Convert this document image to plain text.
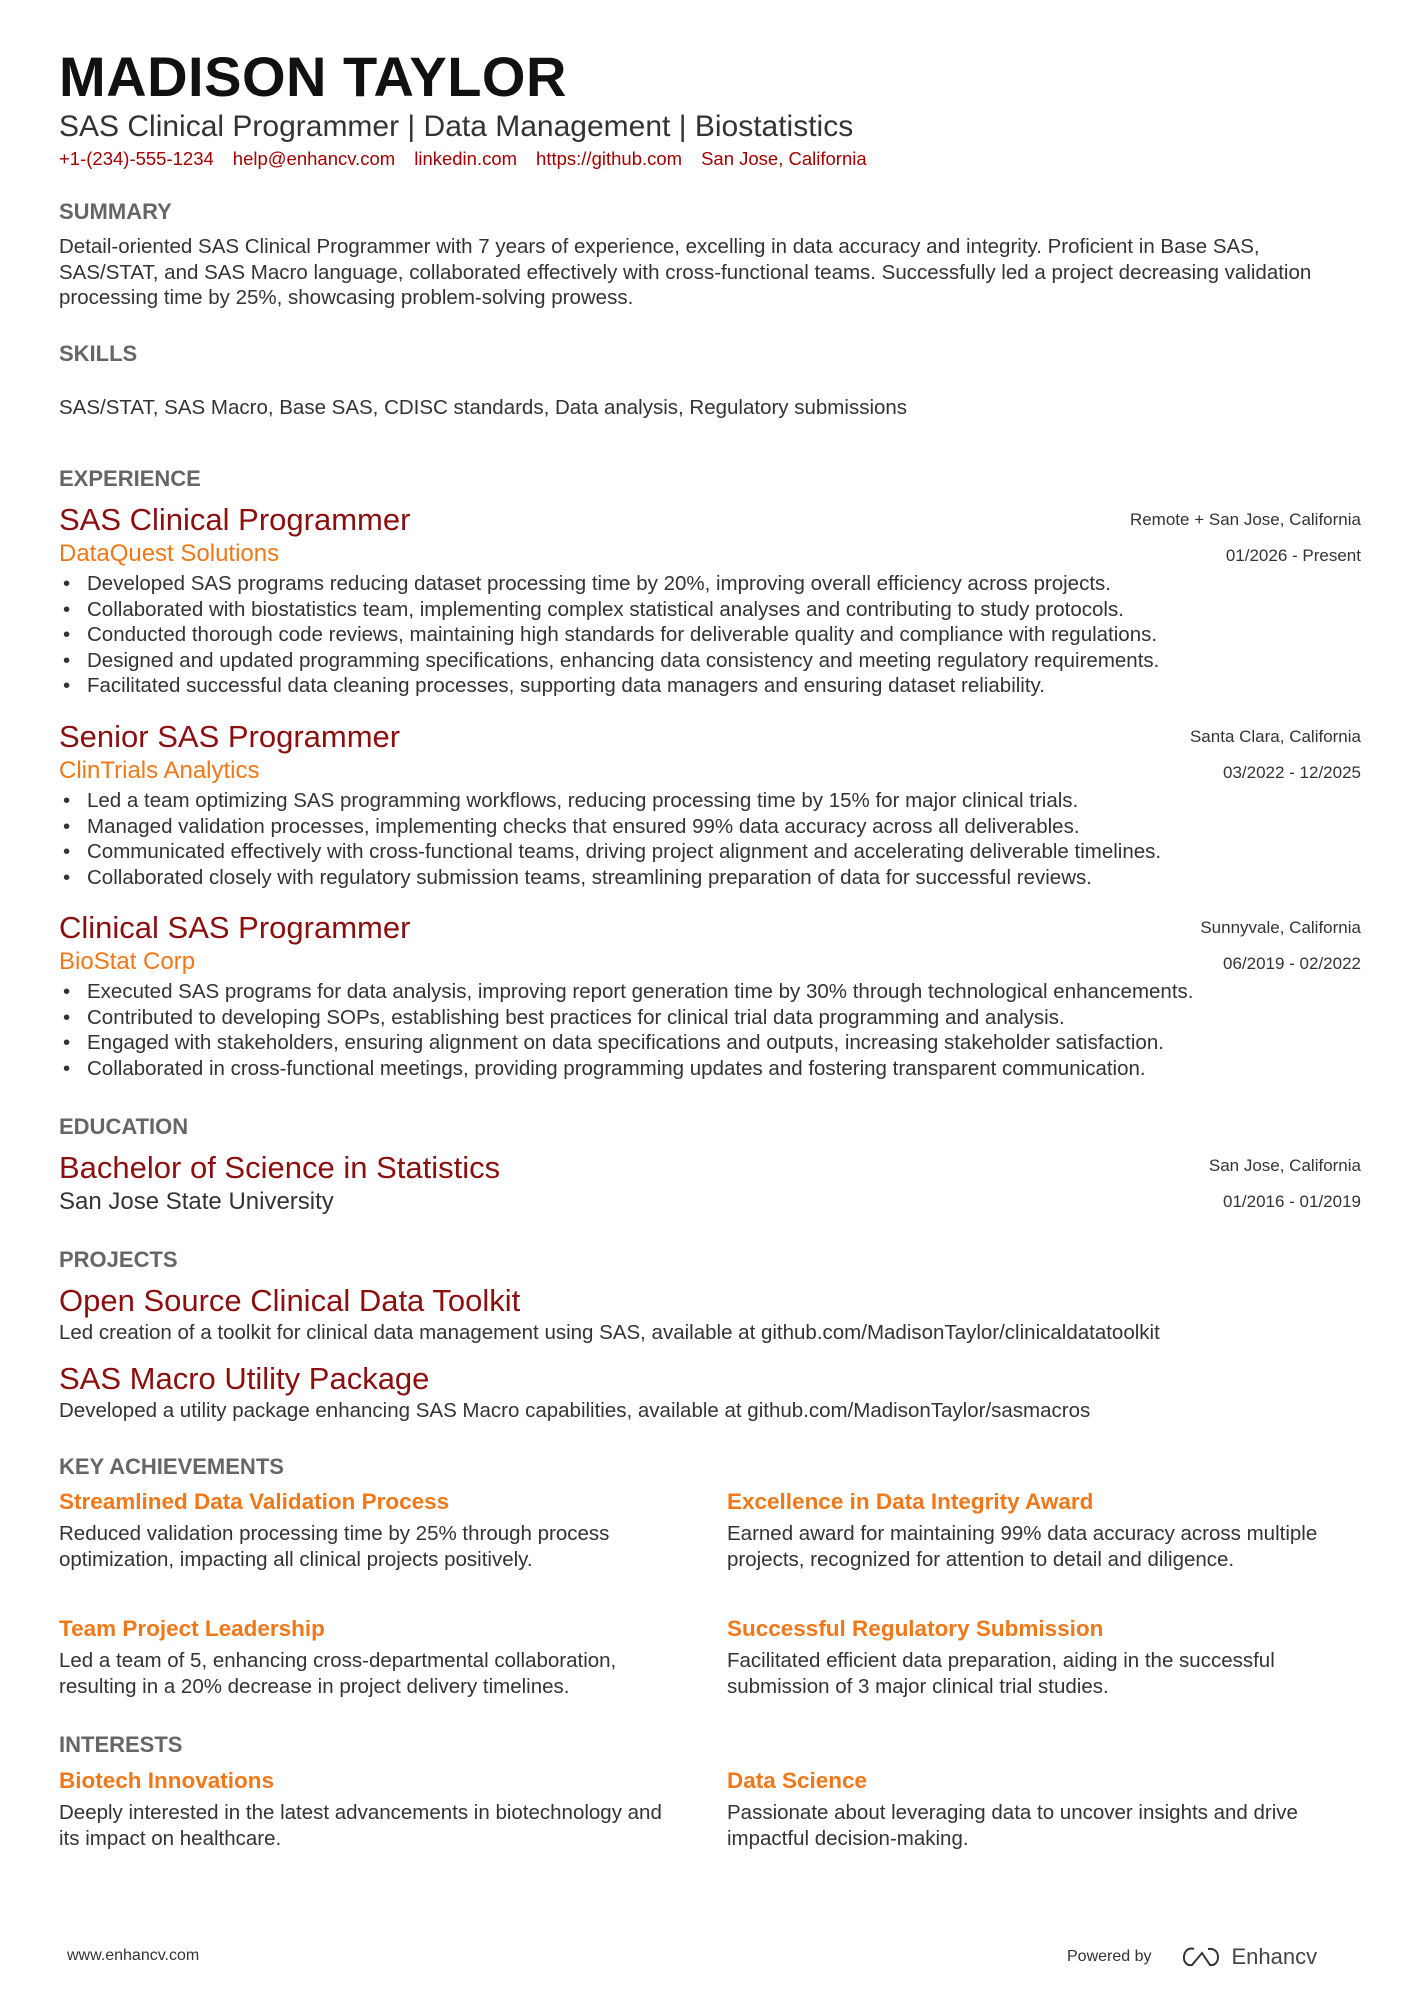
MADISON TAYLOR
SAS Clinical Programmer | Data Management | Biostatistics
+1-(234)-555-1234 help@enhancv.com linkedin.com https://github.com San Jose, California
SUMMARY
Detail-oriented SAS Clinical Programmer with 7 years of experience, excelling in data accuracy and integrity. Proficient in Base SAS, SAS/STAT, and SAS Macro language, collaborated effectively with cross-functional teams. Successfully led a project decreasing validation processing time by 25%, showcasing problem-solving prowess.
SKILLS
SAS/STAT, SAS Macro, Base SAS, CDISC standards, Data analysis, Regulatory submissions
EXPERIENCE
Remote + San Jose, California
01/2026 - Present
SAS Clinical Programmer
DataQuest Solutions
• Developed SAS programs reducing dataset processing time by 20%, improving overall efficiency across projects.
• Collaborated with biostatistics team, implementing complex statistical analyses and contributing to study protocols.
• Conducted thorough code reviews, maintaining high standards for deliverable quality and compliance with regulations.
• Designed and updated programming specifications, enhancing data consistency and meeting regulatory requirements.
• Facilitated successful data cleaning processes, supporting data managers and ensuring dataset reliability.
Santa Clara, California
03/2022 - 12/2025
Senior SAS Programmer
ClinTrials Analytics
• Led a team optimizing SAS programming workflows, reducing processing time by 15% for major clinical trials.
• Managed validation processes, implementing checks that ensured 99% data accuracy across all deliverables.
• Communicated effectively with cross-functional teams, driving project alignment and accelerating deliverable timelines.
• Collaborated closely with regulatory submission teams, streamlining preparation of data for successful reviews.
Sunnyvale, California
06/2019 - 02/2022
Clinical SAS Programmer
BioStat Corp
• Executed SAS programs for data analysis, improving report generation time by 30% through technological enhancements.
• Contributed to developing SOPs, establishing best practices for clinical trial data programming and analysis.
• Engaged with stakeholders, ensuring alignment on data specifications and outputs, increasing stakeholder satisfaction.
• Collaborated in cross-functional meetings, providing programming updates and fostering transparent communication.
EDUCATION
San Jose, California
01/2016 - 01/2019
Bachelor of Science in Statistics
San Jose State University
PROJECTS
Open Source Clinical Data Toolkit
Led creation of a toolkit for clinical data management using SAS, available at github.com/MadisonTaylor/clinicaldatatoolkit
SAS Macro Utility Package
Developed a utility package enhancing SAS Macro capabilities, available at github.com/MadisonTaylor/sasmacros
KEY ACHIEVEMENTS
Streamlined Data Validation Process
Reduced validation processing time by 25% through process optimization, impacting all clinical projects positively.
Excellence in Data Integrity Award
Earned award for maintaining 99% data accuracy across multiple projects, recognized for attention to detail and diligence.
Team Project Leadership
Led a team of 5, enhancing cross-departmental collaboration, resulting in a 20% decrease in project delivery timelines.
Successful Regulatory Submission
Facilitated efficient data preparation, aiding in the successful submission of 3 major clinical trial studies.
INTERESTS
Biotech Innovations
Deeply interested in the latest advancements in biotechnology and its impact on healthcare.
Data Science
Passionate about leveraging data to uncover insights and drive impactful decision-making.
www.enhancv.com	Powered by	Enhancv
